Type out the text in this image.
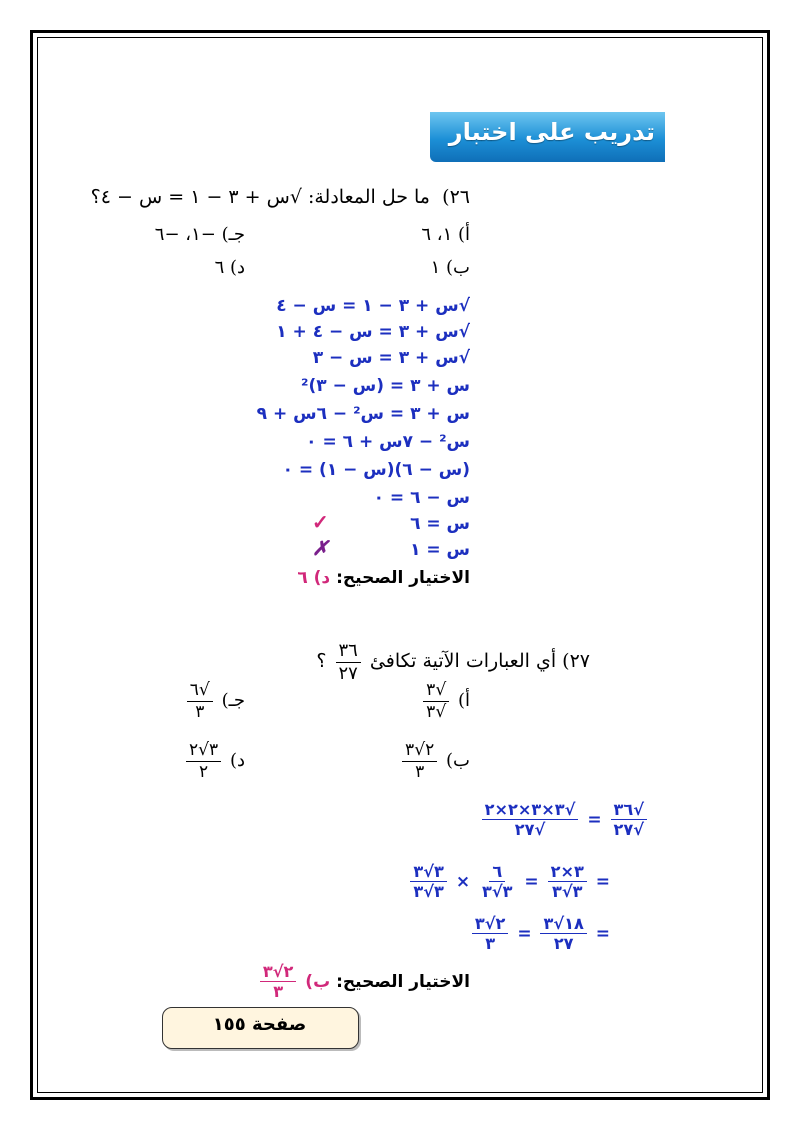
تدريب على اختبار
٢٦)
ما حل المعادلة: √س + ٣ − ١ = س − ٤؟
أ) ١، ٦
جـ) −١، −٦
ب) ١
د) ٦
√س + ٣ − ١ = س − ٤
√س + ٣ = س − ٤ + ١
√س + ٣ = س − ٣
س + ٣ = (س − ٣)²
س + ٣ = س² − ٦س + ٩
س² − ٧س + ٦ = ٠
(س − ٦)(س − ١) = ٠
س − ٦ = ٠
س = ٦
س = ١
✓
✗
الاختيار الصحيح: د) ٦
٢٧) أي العبارات الآتية تكافئ
$\frac{٣٦}{٢٧}$
؟
أ)
$\frac{√٣}{√٣}$
جـ)
$\frac{√٦}{٣}$
ب)
$\frac{٢√٣}{٣}$
د)
$\frac{٣√٢}{٢}$
$\frac{√٣٦}{√٢٧}$
=
$\frac{√٣\times ٣\times ٢\times ٢}{√٢٧}$
=
$\frac{٣\times ٢}{٣√٣}$
=
$\frac{٦}{٣√٣}$
×
$\frac{٣√٣}{٣√٣}$
=
$\frac{١٨√٣}{٢٧}$
=
$\frac{٢√٣}{٣}$
الاختيار الصحيح: ب)
$\frac{٢√٣}{٣}$
صفحة ١٥٥
